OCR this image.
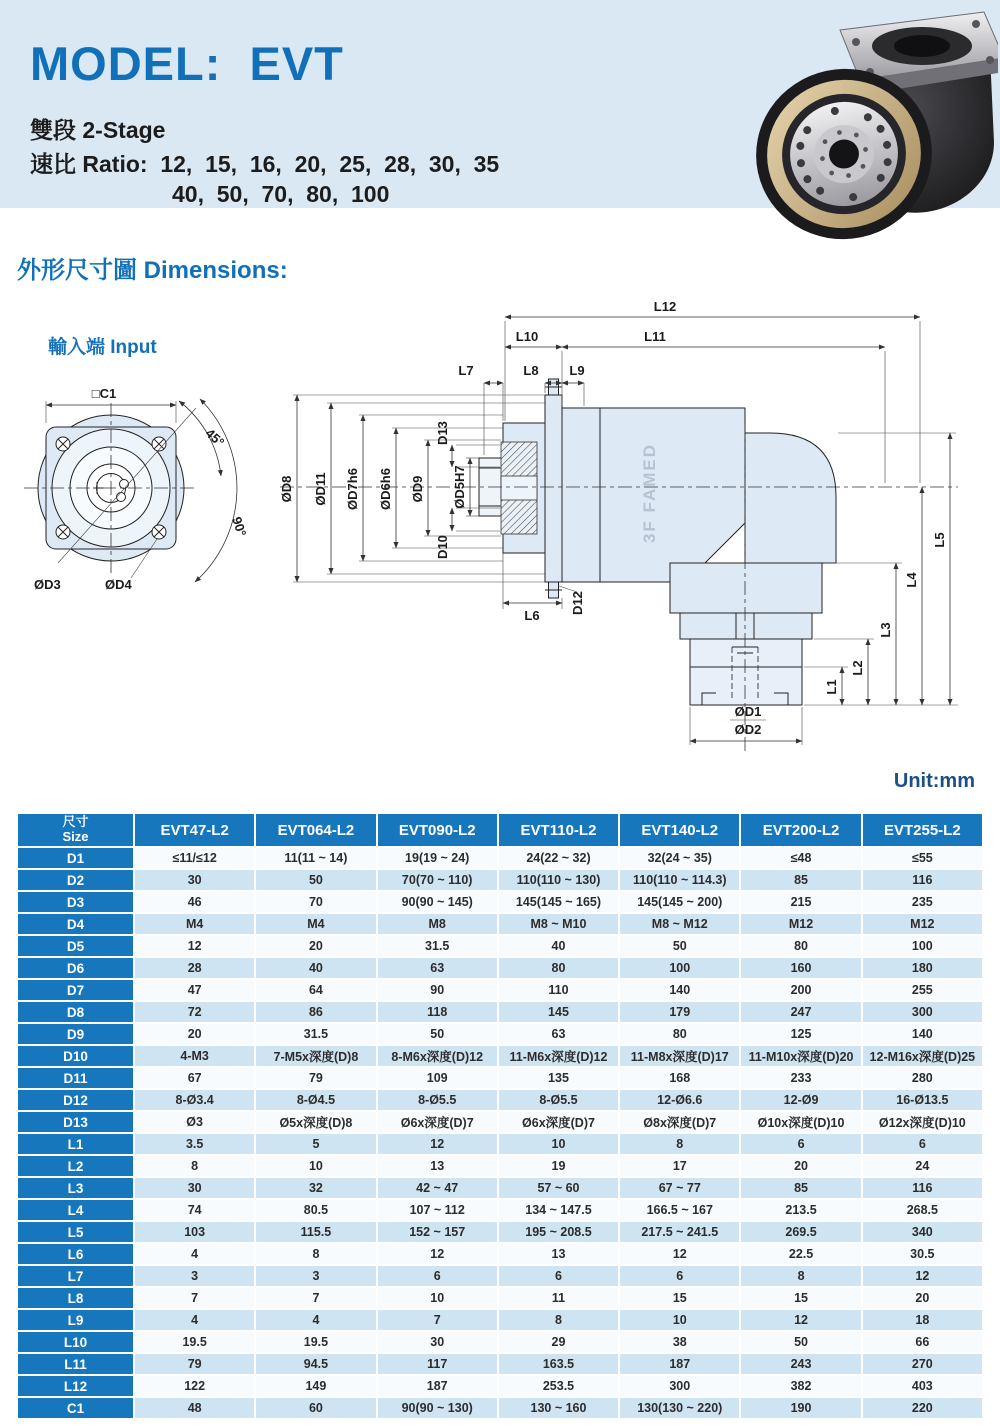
MODEL:  EVT
雙段 2-Stage
速比 Ratio:  12,  15,  16,  20,  25,  28,  30,  35
40,  50,  70,  80,  100
外形尺寸圖 Dimensions:
輸入端 Input
□C1
45°
90°
ØD3	ØD4
3F FAMED
L12
L10	L11
L7	L8 L9
ØD8 ØD11 ØD7h6 ØD6h6 ØD9 ØD5H7
D13
D10
L6
D12
ØD1
ØD2
L5
L4
L3
L2
L1
Unit:mm
尺寸
Size	EVT47-L2	EVT064-L2	EVT090-L2	EVT110-L2	EVT140-L2	EVT200-L2	EVT255-L2
D1	≤11/≤12	11(11 ~ 14)	19(19 ~ 24)	24(22 ~ 32)	32(24 ~ 35)	≤48	≤55
D2	30	50	70(70 ~ 110)	110(110 ~ 130)	110(110 ~ 114.3)	85	116
D3	46	70	90(90 ~ 145)	145(145 ~ 165)	145(145 ~ 200)	215	235
D4	M4	M4	M8	M8 ~ M10	M8 ~ M12	M12	M12
D5	12	20	31.5	40	50	80	100
D6	28	40	63	80	100	160	180
D7	47	64	90	110	140	200	255
D8	72	86	118	145	179	247	300
D9	20	31.5	50	63	80	125	140
D10	4-M3	7-M5x深度(D)8	8-M6x深度(D)12	11-M6x深度(D)12	11-M8x深度(D)17	11-M10x深度(D)20	12-M16x深度(D)25
D11	67	79	109	135	168	233	280
D12	8-Ø3.4	8-Ø4.5	8-Ø5.5	8-Ø5.5	12-Ø6.6	12-Ø9	16-Ø13.5
D13	Ø3	Ø5x深度(D)8	Ø6x深度(D)7	Ø6x深度(D)7	Ø8x深度(D)7	Ø10x深度(D)10	Ø12x深度(D)10
L1	3.5	5	12	10	8	6	6
L2	8	10	13	19	17	20	24
L3	30	32	42 ~ 47	57 ~ 60	67 ~ 77	85	116
L4	74	80.5	107 ~ 112	134 ~ 147.5	166.5 ~ 167	213.5	268.5
L5	103	115.5	152 ~ 157	195 ~ 208.5	217.5 ~ 241.5	269.5	340
L6	4	8	12	13	12	22.5	30.5
L7	3	3	6	6	6	8	12
L8	7	7	10	11	15	15	20
L9	4	4	7	8	10	12	18
L10	19.5	19.5	30	29	38	50	66
L11	79	94.5	117	163.5	187	243	270
L12	122	149	187	253.5	300	382	403
C1	48	60	90(90 ~ 130)	130 ~ 160	130(130 ~ 220)	190	220
